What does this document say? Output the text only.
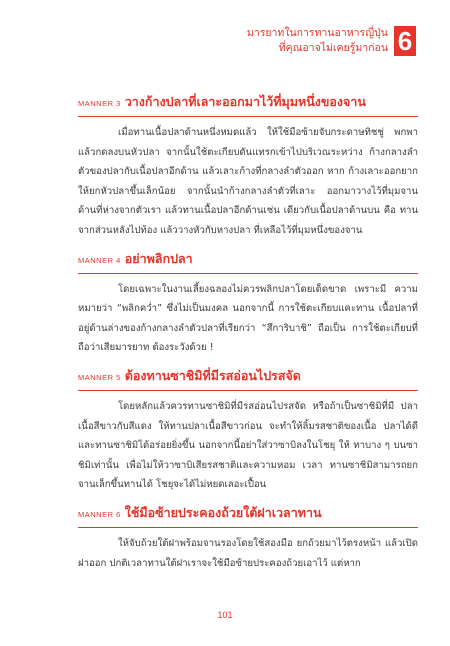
มารยาทในการทานอาหารญี่ปุ่น
ที่คุณอาจไม่เคยรู้มาก่อน 6
MANNER 3 วางก้างปลาที่เลาะออกมาไว้ที่มุมหนึ่งของจาน

เมื่อทานเนื้อปลาด้านหนึ่งหมดแล้ว ให้ใช้มือซ้ายจับกระดาษทิชชู่ พกพาแล้วกดลงบนหัวปลา จากนั้นใช้ตะเกียบดันแทรกเข้าไปบริเวณระหว่าง ก้างกลางลำตัวของปลากับเนื้อปลาอีกด้าน แล้วเลาะก้างที่กลางลำตัวออก หาก ก้างเลาะออกยากให้ยกหัวปลาขึ้นเล็กน้อย จากนั้นนำก้างกลางลำตัวที่เลาะ ออกมาวางไว้ที่มุมจานด้านที่ห่างจากตัวเรา แล้วทานเนื้อปลาอีกด้านเช่น เดียวกับเนื้อปลาด้านบน คือ ทานจากส่วนหลังไปท้อง แล้ววางหัวกับหางปลา ที่เหลือไว้ที่มุมหนึ่งของจาน

MANNER 4 อย่าพลิกปลา

โดยเฉพาะในงานเลี้ยงฉลองไม่ควรพลิกปลาโดยเด็ดขาด เพราะมี ความหมายว่า “พลิกคว่ำ” ซึ่งไม่เป็นมงคล นอกจากนี้ การใช้ตะเกียบแคะทาน เนื้อปลาที่อยู่ด้านล่างของก้างกลางลำตัวปลาที่เรียกว่า “สึการิบาชิ” ถือเป็น การใช้ตะเกียบที่ถือว่าเสียมารยาท ต้องระวังด้วย !

MANNER 5 ต้องทานซาชิมิที่มีรสอ่อนไปรสจัด

โดยหลักแล้วควรทานซาชิมิที่มีรสอ่อนไปรสจัด หรือถ้าเป็นซาชิมิที่มี ปลาเนื้อสีขาวกับสีแดง ให้ทานปลาเนื้อสีขาวก่อน จะทำให้ลิ้มรสชาติของเนื้อ ปลาได้ดีและทานซาชิมิได้อร่อยยิ่งขึ้น นอกจากนี้อย่าใส่วาซาบิลงในโชยุ ให้ ทาบาง ๆ บนซาชิมิเท่านั้น เพื่อไม่ให้วาซาบิเสียรสชาติและความหอม เวลา ทานซาชิมิสามารถยกจานเล็กขึ้นทานได้ โชยุจะได้ไม่หยดเลอะเปื้อน

MANNER 6 ใช้มือซ้ายประคองถ้วยใต้ฝาเวลาทาน

ให้จับถ้วยใต้ฝาพร้อมจานรองโดยใช้สองมือ ยกถ้วยมาไว้ตรงหน้า แล้วเปิดฝาออก ปกติเวลาทานใต้ฝาเราจะใช้มือซ้ายประคองถ้วยเอาไว้ แต่หาก

101
